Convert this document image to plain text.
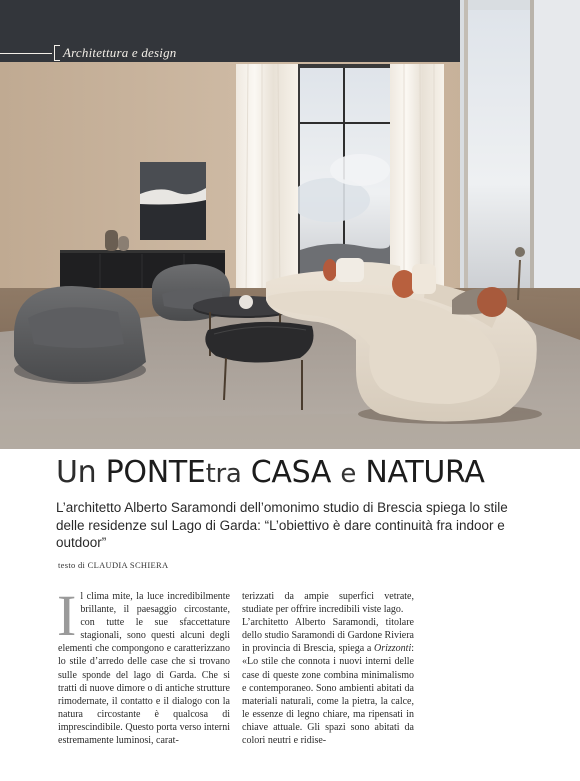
Architettura e design
Un PONTEtra CASA e NATURA
L’architetto Alberto Saramondi dell’omonimo studio di Brescia spiega lo stile delle residenze sul Lago di Garda: “L’obiettivo è dare continuità fra indoor e outdoor”
testo di CLAUDIA SCHIERA
I l clima mite, la luce incredibilmente brillante, il paesaggio circostante, con tutte le sue sfaccettature stagionali, sono questi alcuni degli elementi che compongono e caratterizzano lo stile d’arredo delle case che si trovano sulle sponde del lago di Garda. Che si tratti di nuove dimore o di antiche strutture rimodernate, il contatto e il dialogo con la natura circostante è qualcosa di imprescindibile. Questo porta verso interni estremamente luminosi, carat-

terizzati da ampie superfici vetrate, studiate per offrire incredibili viste lago.

L’architetto Alberto Saramondi, titolare dello studio Saramondi di Gardone Riviera in provincia di Brescia, spiega a Orizzonti: «Lo stile che connota i nuovi interni delle case di queste zone combina minimalismo e contemporaneo. Sono ambienti abitati da materiali naturali, come la pietra, la calce, le essenze di legno chiare, ma ripensati in chiave attuale. Gli spazi sono abitati da colori neutri e ridise-
